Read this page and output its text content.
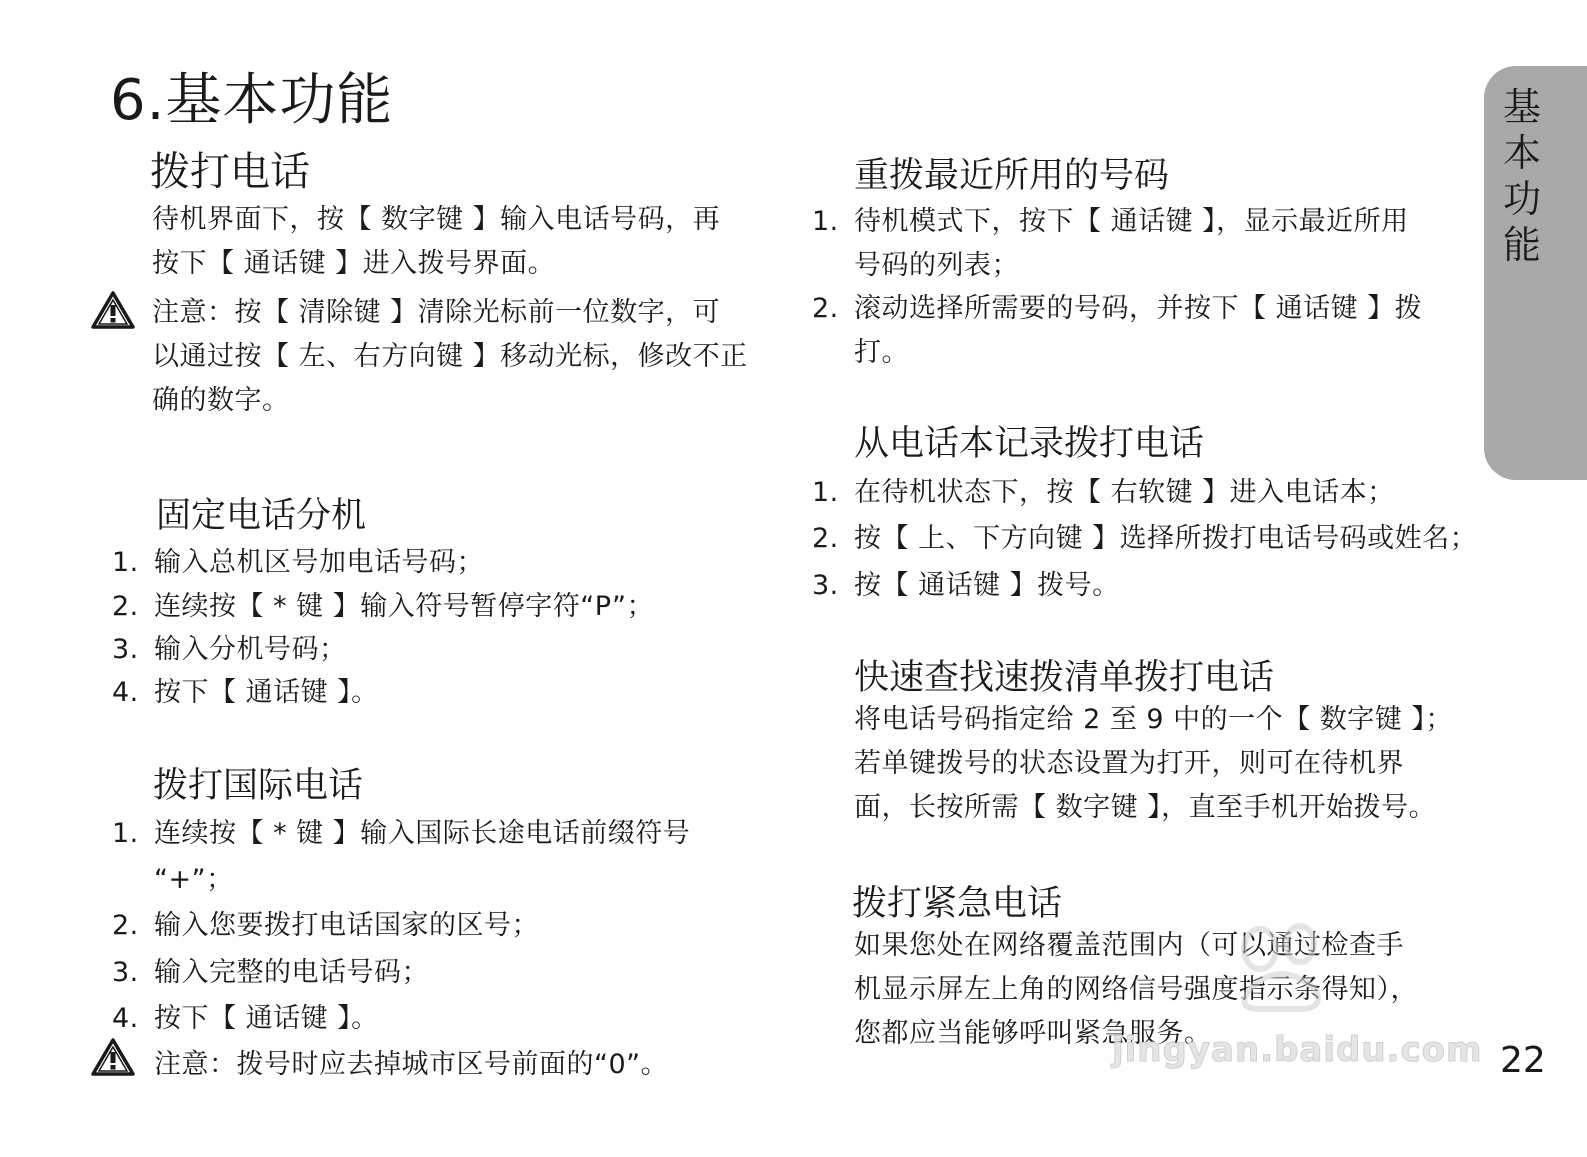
6.基本功能	基本功能
拨打电话
待机界面下，按【 数字键 】输入电话号码，再
按下【 通话键 】进入拨号界面。
注意：按【 清除键 】清除光标前一位数字，可
以通过按【 左、右方向键 】移动光标，修改不正
确的数字。
固定电话分机
1. 输入总机区号加电话号码；
2. 连续按【 * 键 】输入符号暂停字符“P”；
3. 输入分机号码；
4. 按下【 通话键 】。
拨打国际电话
1. 连续按【 * 键 】输入国际长途电话前缀符号
“+”；
2. 输入您要拨打电话国家的区号；
3. 输入完整的电话号码；
4. 按下【 通话键 】。
注意：拨号时应去掉城市区号前面的“0”。
重拨最近所用的号码
1. 待机模式下，按下【 通话键 】，显示最近所用
号码的列表；
2. 滚动选择所需要的号码，并按下【 通话键 】拨
打。
从电话本记录拨打电话
1. 在待机状态下，按【 右软键 】进入电话本；
2. 按【 上、下方向键 】选择所拨打电话号码或姓名；
3. 按【 通话键 】拨号。
快速查找速拨清单拨打电话
将电话号码指定给 2 至 9 中的一个【 数字键 】；
若单键拨号的状态设置为打开，则可在待机界
面，长按所需【 数字键 】，直至手机开始拨号。
拨打紧急电话
如果您处在网络覆盖范围内（可以通过检查手
机显示屏左上角的网络信号强度指示条得知），
您都应当能够呼叫紧急服务。
jingyan.baidu.com 22
